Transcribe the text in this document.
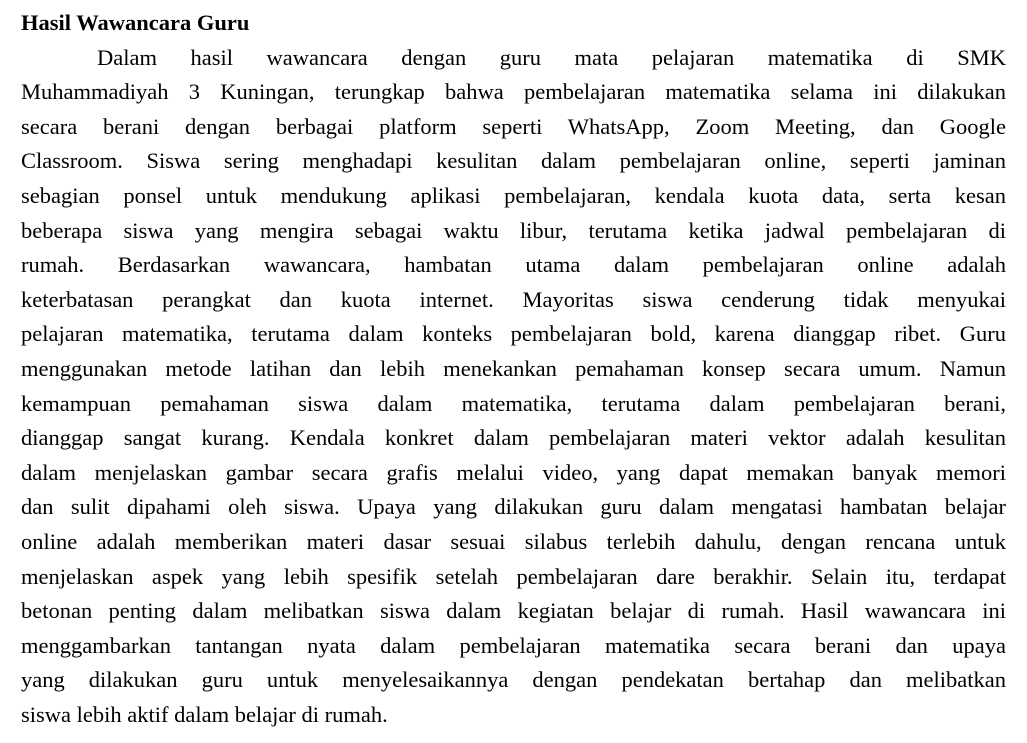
Hasil Wawancara Guru
Dalam hasil wawancara dengan guru mata pelajaran matematika di SMK
Muhammadiyah 3 Kuningan, terungkap bahwa pembelajaran matematika selama ini dilakukan
secara berani dengan berbagai platform seperti WhatsApp, Zoom Meeting, dan Google
Classroom. Siswa sering menghadapi kesulitan dalam pembelajaran online, seperti jaminan
sebagian ponsel untuk mendukung aplikasi pembelajaran, kendala kuota data, serta kesan
beberapa siswa yang mengira sebagai waktu libur, terutama ketika jadwal pembelajaran di
rumah. Berdasarkan wawancara, hambatan utama dalam pembelajaran online adalah
keterbatasan perangkat dan kuota internet. Mayoritas siswa cenderung tidak menyukai
pelajaran matematika, terutama dalam konteks pembelajaran bold, karena dianggap ribet. Guru
menggunakan metode latihan dan lebih menekankan pemahaman konsep secara umum. Namun
kemampuan pemahaman siswa dalam matematika, terutama dalam pembelajaran berani,
dianggap sangat kurang. Kendala konkret dalam pembelajaran materi vektor adalah kesulitan
dalam menjelaskan gambar secara grafis melalui video, yang dapat memakan banyak memori
dan sulit dipahami oleh siswa. Upaya yang dilakukan guru dalam mengatasi hambatan belajar
online adalah memberikan materi dasar sesuai silabus terlebih dahulu, dengan rencana untuk
menjelaskan aspek yang lebih spesifik setelah pembelajaran dare berakhir. Selain itu, terdapat
betonan penting dalam melibatkan siswa dalam kegiatan belajar di rumah. Hasil wawancara ini
menggambarkan tantangan nyata dalam pembelajaran matematika secara berani dan upaya
yang dilakukan guru untuk menyelesaikannya dengan pendekatan bertahap dan melibatkan
siswa lebih aktif dalam belajar di rumah.
